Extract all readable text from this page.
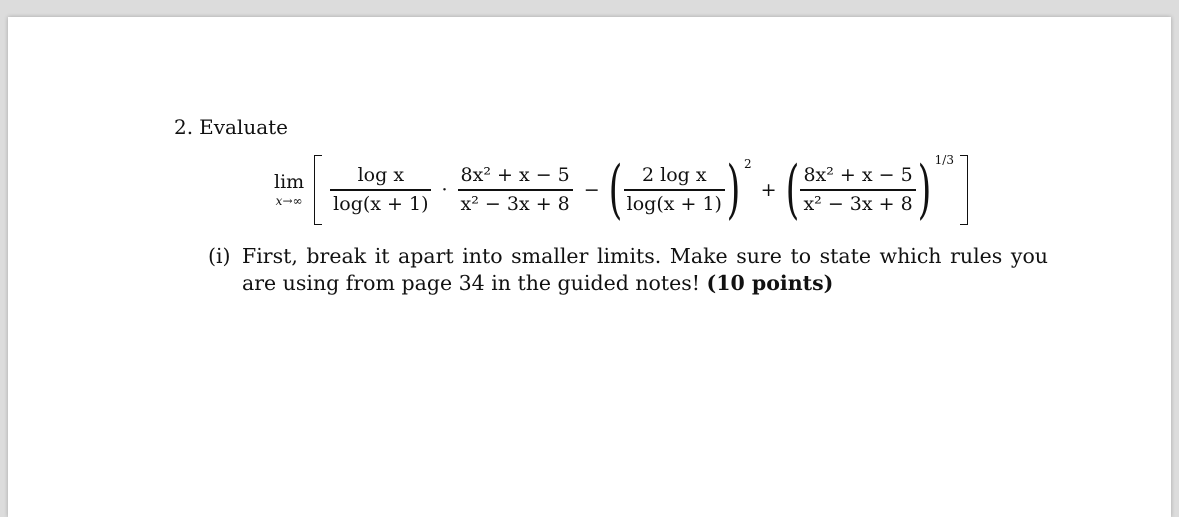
2. Evaluate
lim
$x\to\infty \frac{\text{log x}}{\log(x + 1)} \cdot \frac{\text{8x² + x − 5}}{\text{x² − 3x + 8}}$ − ( $\frac{\text{2 log x}}{\log(x + 1)}$ ) 2
+ ( $\frac{\text{8x² + x − 5}}{\text{x² − 3x + 8}}$ ) 1/3

(i) First, break it apart into smaller limits. Make sure to state which rules you are using from page 34 in the guided notes! (10 points)
